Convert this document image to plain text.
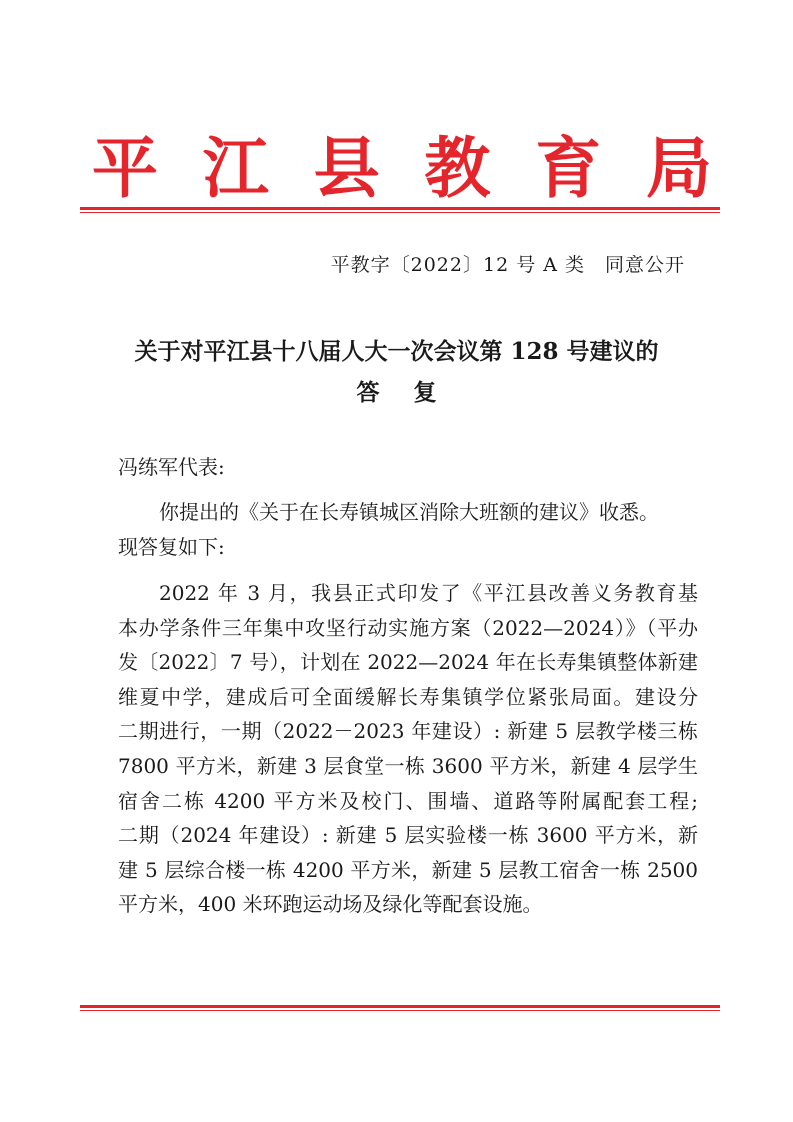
平 江 县 教 育 局
平教字〔2022〕12 号 A 类　同意公开
关于对平江县十八届人大一次会议第 128 号建议的
答复
冯练军代表:
你提出的《关于在长寿镇城区消除大班额的建议》收悉。
现答复如下:
2022 年 3 月，我县正式印发了《平江县改善义务教育基
本办学条件三年集中攻坚行动实施方案（2022—2024）》（平办
发〔2022〕7 号），计划在 2022—2024 年在长寿集镇整体新建
维夏中学，建成后可全面缓解长寿集镇学位紧张局面。建设分
二期进行，一期（2022－2023 年建设）: 新建 5 层教学楼三栋
7800 平方米，新建 3 层食堂一栋 3600 平方米，新建 4 层学生
宿舍二栋 4200 平方米及校门、围墙、道路等附属配套工程;
二期（2024 年建设）: 新建 5 层实验楼一栋 3600 平方米，新
建 5 层综合楼一栋 4200 平方米，新建 5 层教工宿舍一栋 2500
平方米，400 米环跑运动场及绿化等配套设施。
